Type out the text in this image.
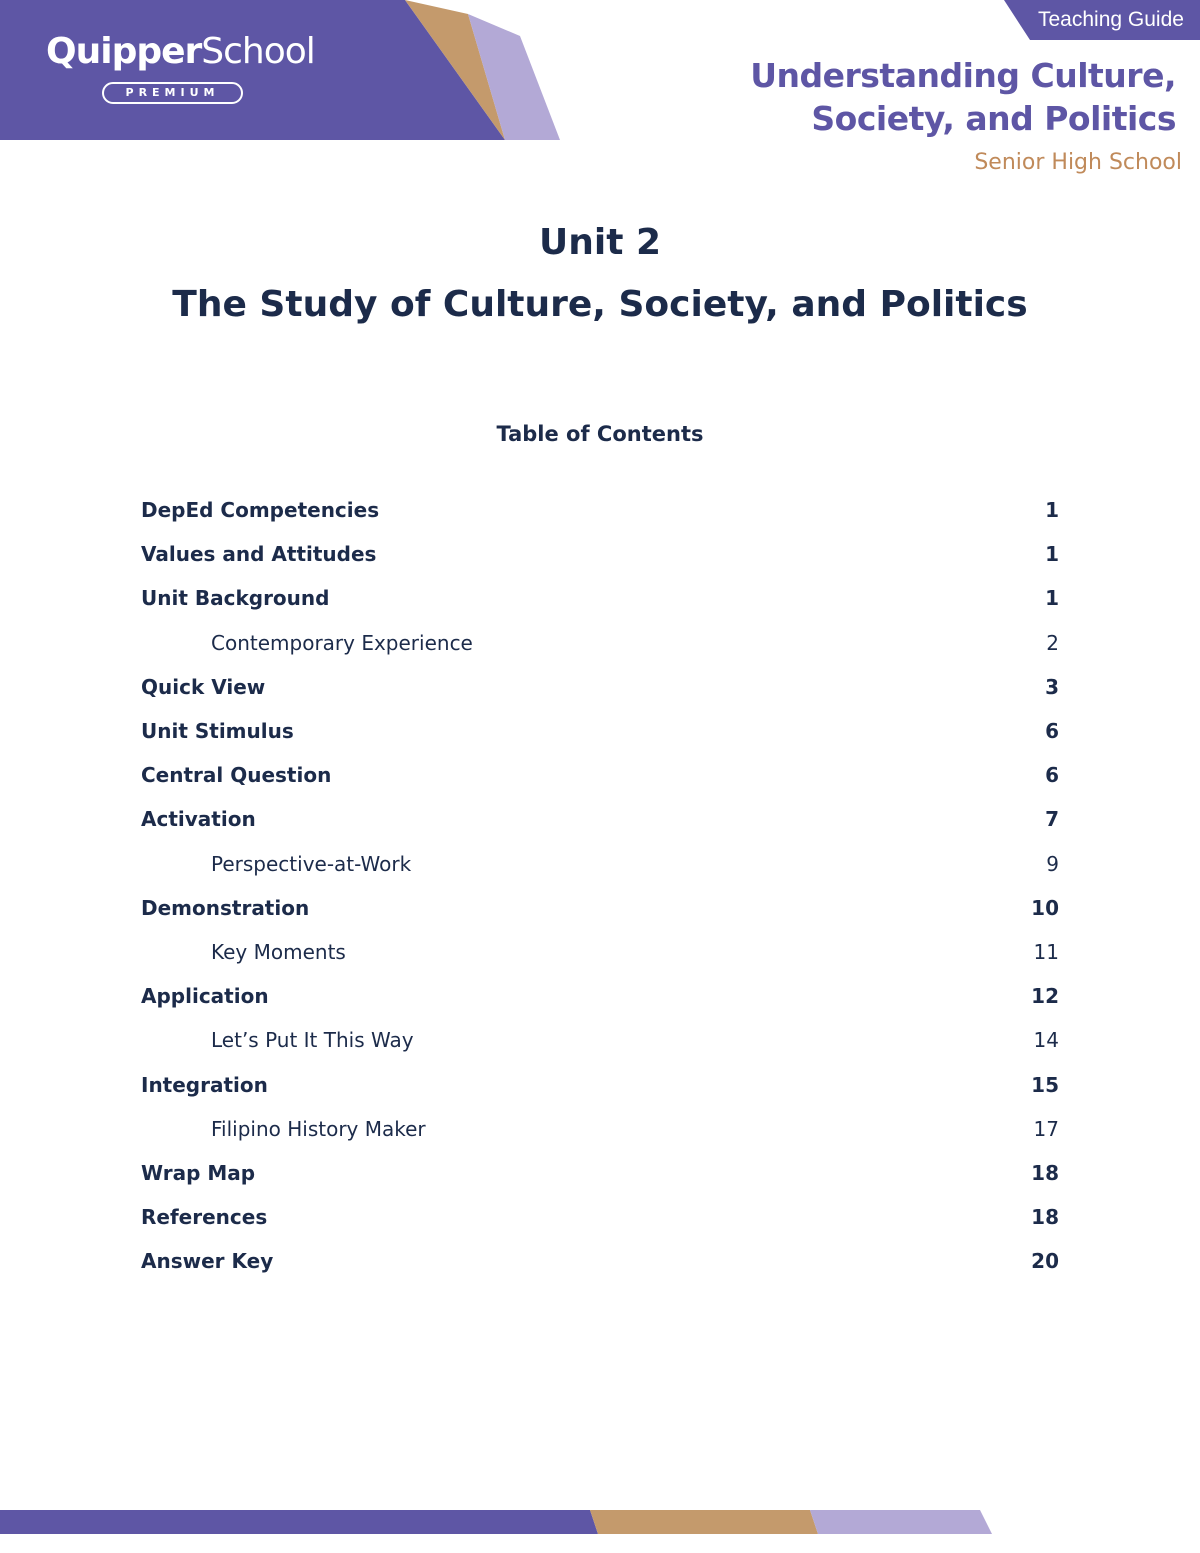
QuipperSchool
PREMIUM
Teaching Guide
Understanding Culture,
Society, and Politics
Senior High School
Unit 2
The Study of Culture, Society, and Politics
Table of Contents
DepEd Competencies	1
Values and Attitudes	1
Unit Background	1
Contemporary Experience	2
Quick View	3
Unit Stimulus	6
Central Question	6
Activation	7
Perspective-at-Work	9
Demonstration	10
Key Moments	11
Application	12
Let’s Put It This Way	14
Integration	15
Filipino History Maker	17
Wrap Map	18
References	18
Answer Key	20
